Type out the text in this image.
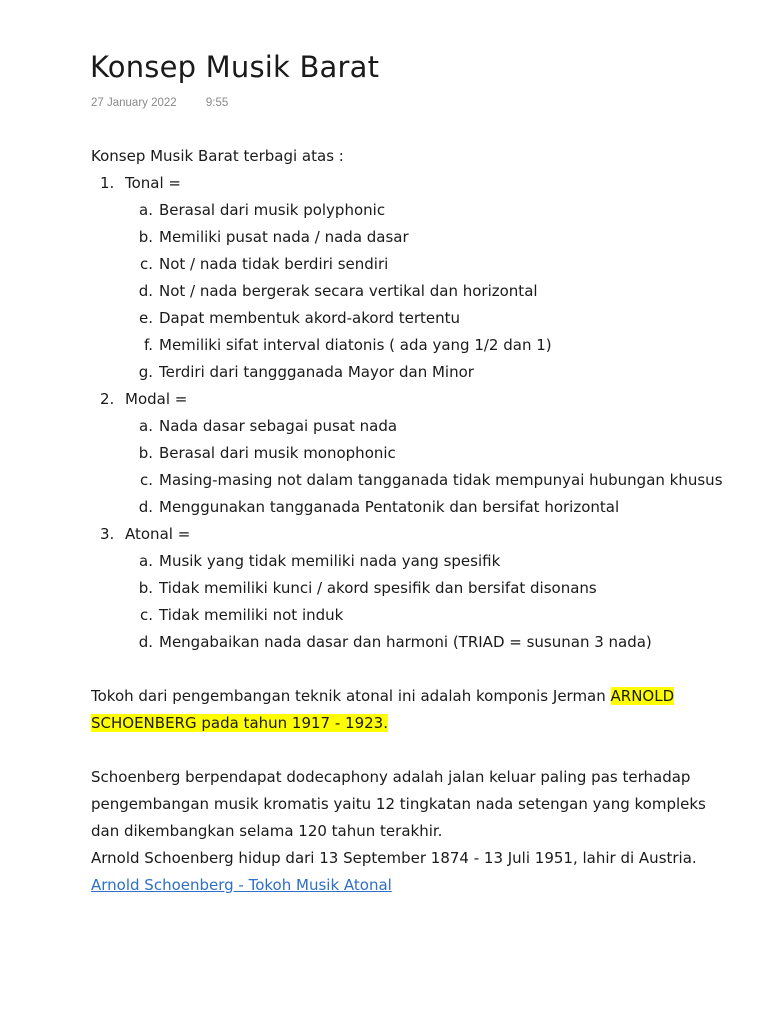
Konsep Musik Barat
27 January 2022	9:55

Konsep Musik Barat terbagi atas :

1. Tonal =
a. Berasal dari musik polyphonic
b. Memiliki pusat nada / nada dasar
c. Not / nada tidak berdiri sendiri
d. Not / nada bergerak secara vertikal dan horizontal
e. Dapat membentuk akord-akord tertentu
f. Memiliki sifat interval diatonis ( ada yang 1/2 dan 1)
g. Terdiri dari tanggganada Mayor dan Minor
2. Modal =
a. Nada dasar sebagai pusat nada
b. Berasal dari musik monophonic
c. Masing-masing not dalam tangganada tidak mempunyai hubungan khusus
d. Menggunakan tangganada Pentatonik dan bersifat horizontal
3. Atonal =
a. Musik yang tidak memiliki nada yang spesifik
b. Tidak memiliki kunci / akord spesifik dan bersifat disonans
c. Tidak memiliki not induk
d. Mengabaikan nada dasar dan harmoni (TRIAD = susunan 3 nada)

Tokoh dari pengembangan teknik atonal ini adalah komponis Jerman ARNOLD SCHOENBERG pada tahun 1917 - 1923.

Schoenberg berpendapat dodecaphony adalah jalan keluar paling pas terhadap pengembangan musik kromatis yaitu 12 tingkatan nada setengan yang kompleks dan dikembangkan selama 120 tahun terakhir.

Arnold Schoenberg hidup dari 13 September 1874 - 13 Juli 1951, lahir di Austria. Arnold Schoenberg - Tokoh Musik Atonal
